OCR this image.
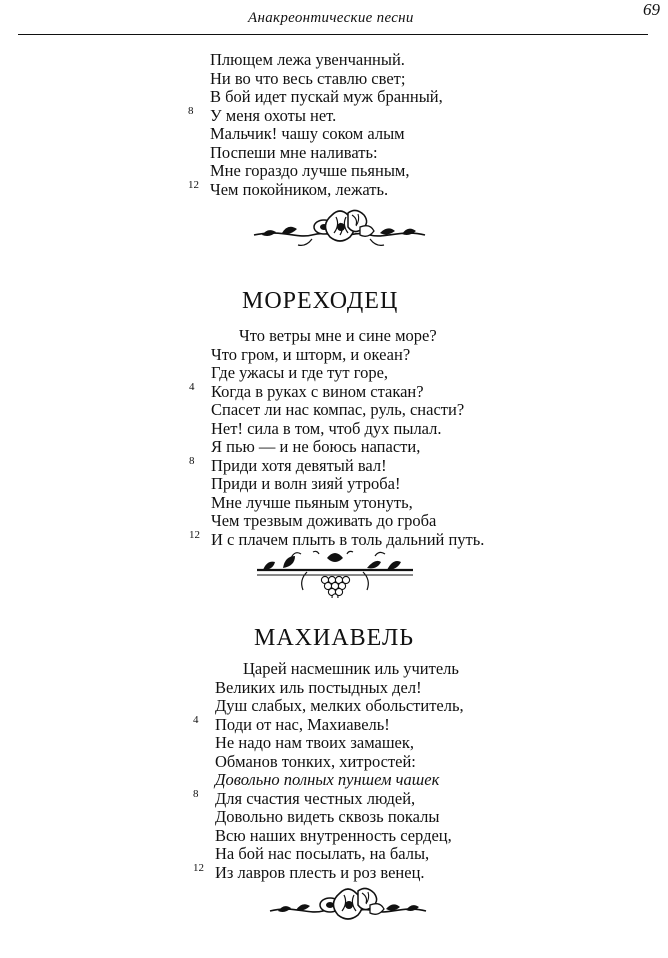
Анакреонтические песни	69
Плющем лежа увенчанный.
Ни во что весь ставлю свет;
В бой идет пускай муж бранный,
8 У меня охоты нет.
Мальчик! чашу соком алым
Поспеши мне наливать:
Мне гораздо лучше пьяным,
12 Чем покойником, лежать.
МОРЕХОДЕЦ
Что ветры мне и сине море?
Что гром, и шторм, и океан?
Где ужасы и где тут горе,
4 Когда в руках с вином стакан?
Спасет ли нас компас, руль, снасти?
Нет! сила в том, чтоб дух пылал.
Я пью — и не боюсь напасти,
8 Приди хотя девятый вал!
Приди и волн зияй утроба!
Мне лучше пьяным утонуть,
Чем трезвым доживать до гроба
12 И с плачем плыть в толь дальний путь.
МАХИАВЕЛЬ
Царей насмешник иль учитель
Великих иль постыдных дел!
Душ слабых, мелких обольститель,
4 Поди от нас, Махиавель!
Не надо нам твоих замашек,
Обманов тонких, хитростей:
Довольно полных пуншем чашек
8 Для счастия честных людей,
Довольно видеть сквозь покалы
Всю наших внутренность сердец,
На бой нас посылать, на балы,
12 Из лавров плесть и роз венец.
